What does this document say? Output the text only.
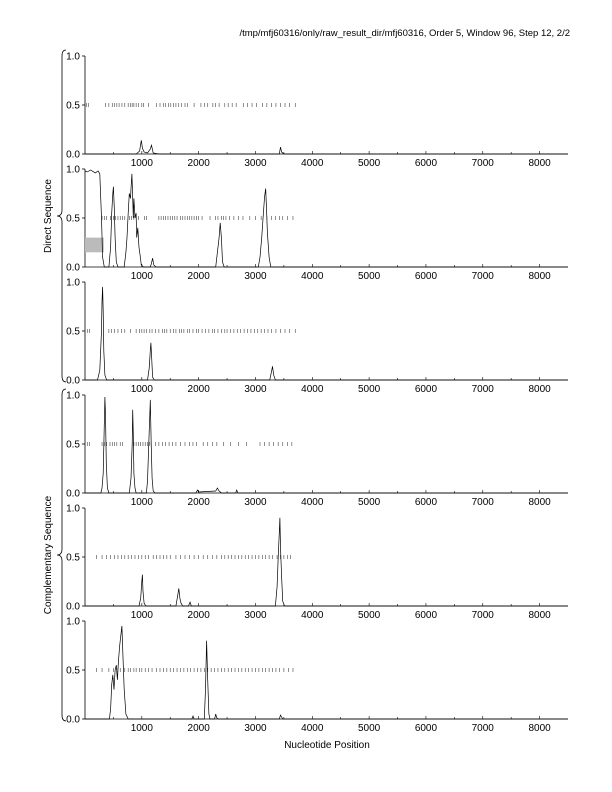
/tmp/mfj60316/only/raw_result_dir/mfj60316, Order 5, Window 96, Step 12, 2/2
0.0
0.5
1.0
1000	2000	3000	4000	5000	6000	7000	8000
0.0
0.5
1.0
1000	2000	3000	4000	5000	6000	7000	8000
0.0
0.5
1.0
1000	2000	3000	4000	5000	6000	7000	8000
0.0
0.5
1.0
1000	2000	3000	4000	5000	6000	7000	8000
0.0
0.5
1.0
1000	2000	3000	4000	5000	6000	7000	8000
0.0
0.5
1.0
1000	2000	3000	4000	5000	6000	7000	8000
Direct Sequence
Complementary Sequence
Nucleotide Position
